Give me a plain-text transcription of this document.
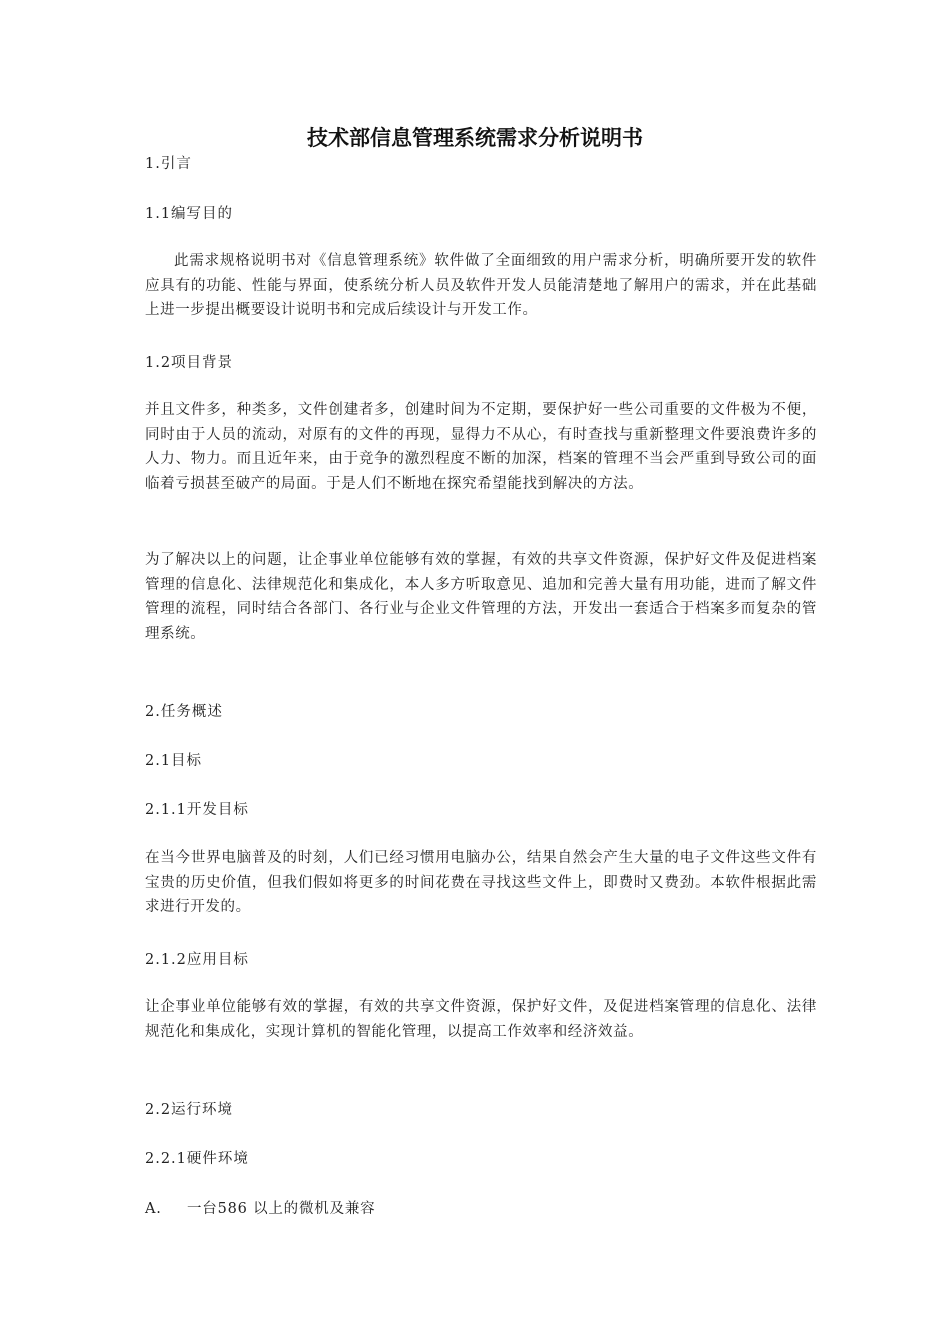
技术部信息管理系统需求分析说明书
1.引言
1.1编写目的
此需求规格说明书对《信息管理系统》软件做了全面细致的用户需求分析，明确所要开发的软件应具有的功能、性能与界面，使系统分析人员及软件开发人员能清楚地了解用户的需求，并在此基础上进一步提出概要设计说明书和完成后续设计与开发工作。
1.2项目背景
并且文件多，种类多，文件创建者多，创建时间为不定期，要保护好一些公司重要的文件极为不便，同时由于人员的流动，对原有的文件的再现，显得力不从心，有时查找与重新整理文件要浪费许多的人力、物力。而且近年来，由于竞争的激烈程度不断的加深，档案的管理不当会严重到导致公司的面临着亏损甚至破产的局面。于是人们不断地在探究希望能找到解决的方法。
为了解决以上的问题，让企事业单位能够有效的掌握，有效的共享文件资源，保护好文件及促进档案管理的信息化、法律规范化和集成化，本人多方听取意见、追加和完善大量有用功能，进而了解文件管理的流程，同时结合各部门、各行业与企业文件管理的方法，开发出一套适合于档案多而复杂的管理系统。
2.任务概述
2.1目标
2.1.1开发目标
在当今世界电脑普及的时刻，人们已经习惯用电脑办公，结果自然会产生大量的电子文件这些文件有宝贵的历史价值，但我们假如将更多的时间花费在寻找这些文件上，即费时又费劲。本软件根据此需求进行开发的。
2.1.2应用目标
让企事业单位能够有效的掌握，有效的共享文件资源，保护好文件，及促进档案管理的信息化、法律规范化和集成化，实现计算机的智能化管理，以提高工作效率和经济效益。
2.2运行环境
2.2.1硬件环境
A. 一台586 以上的微机及兼容
